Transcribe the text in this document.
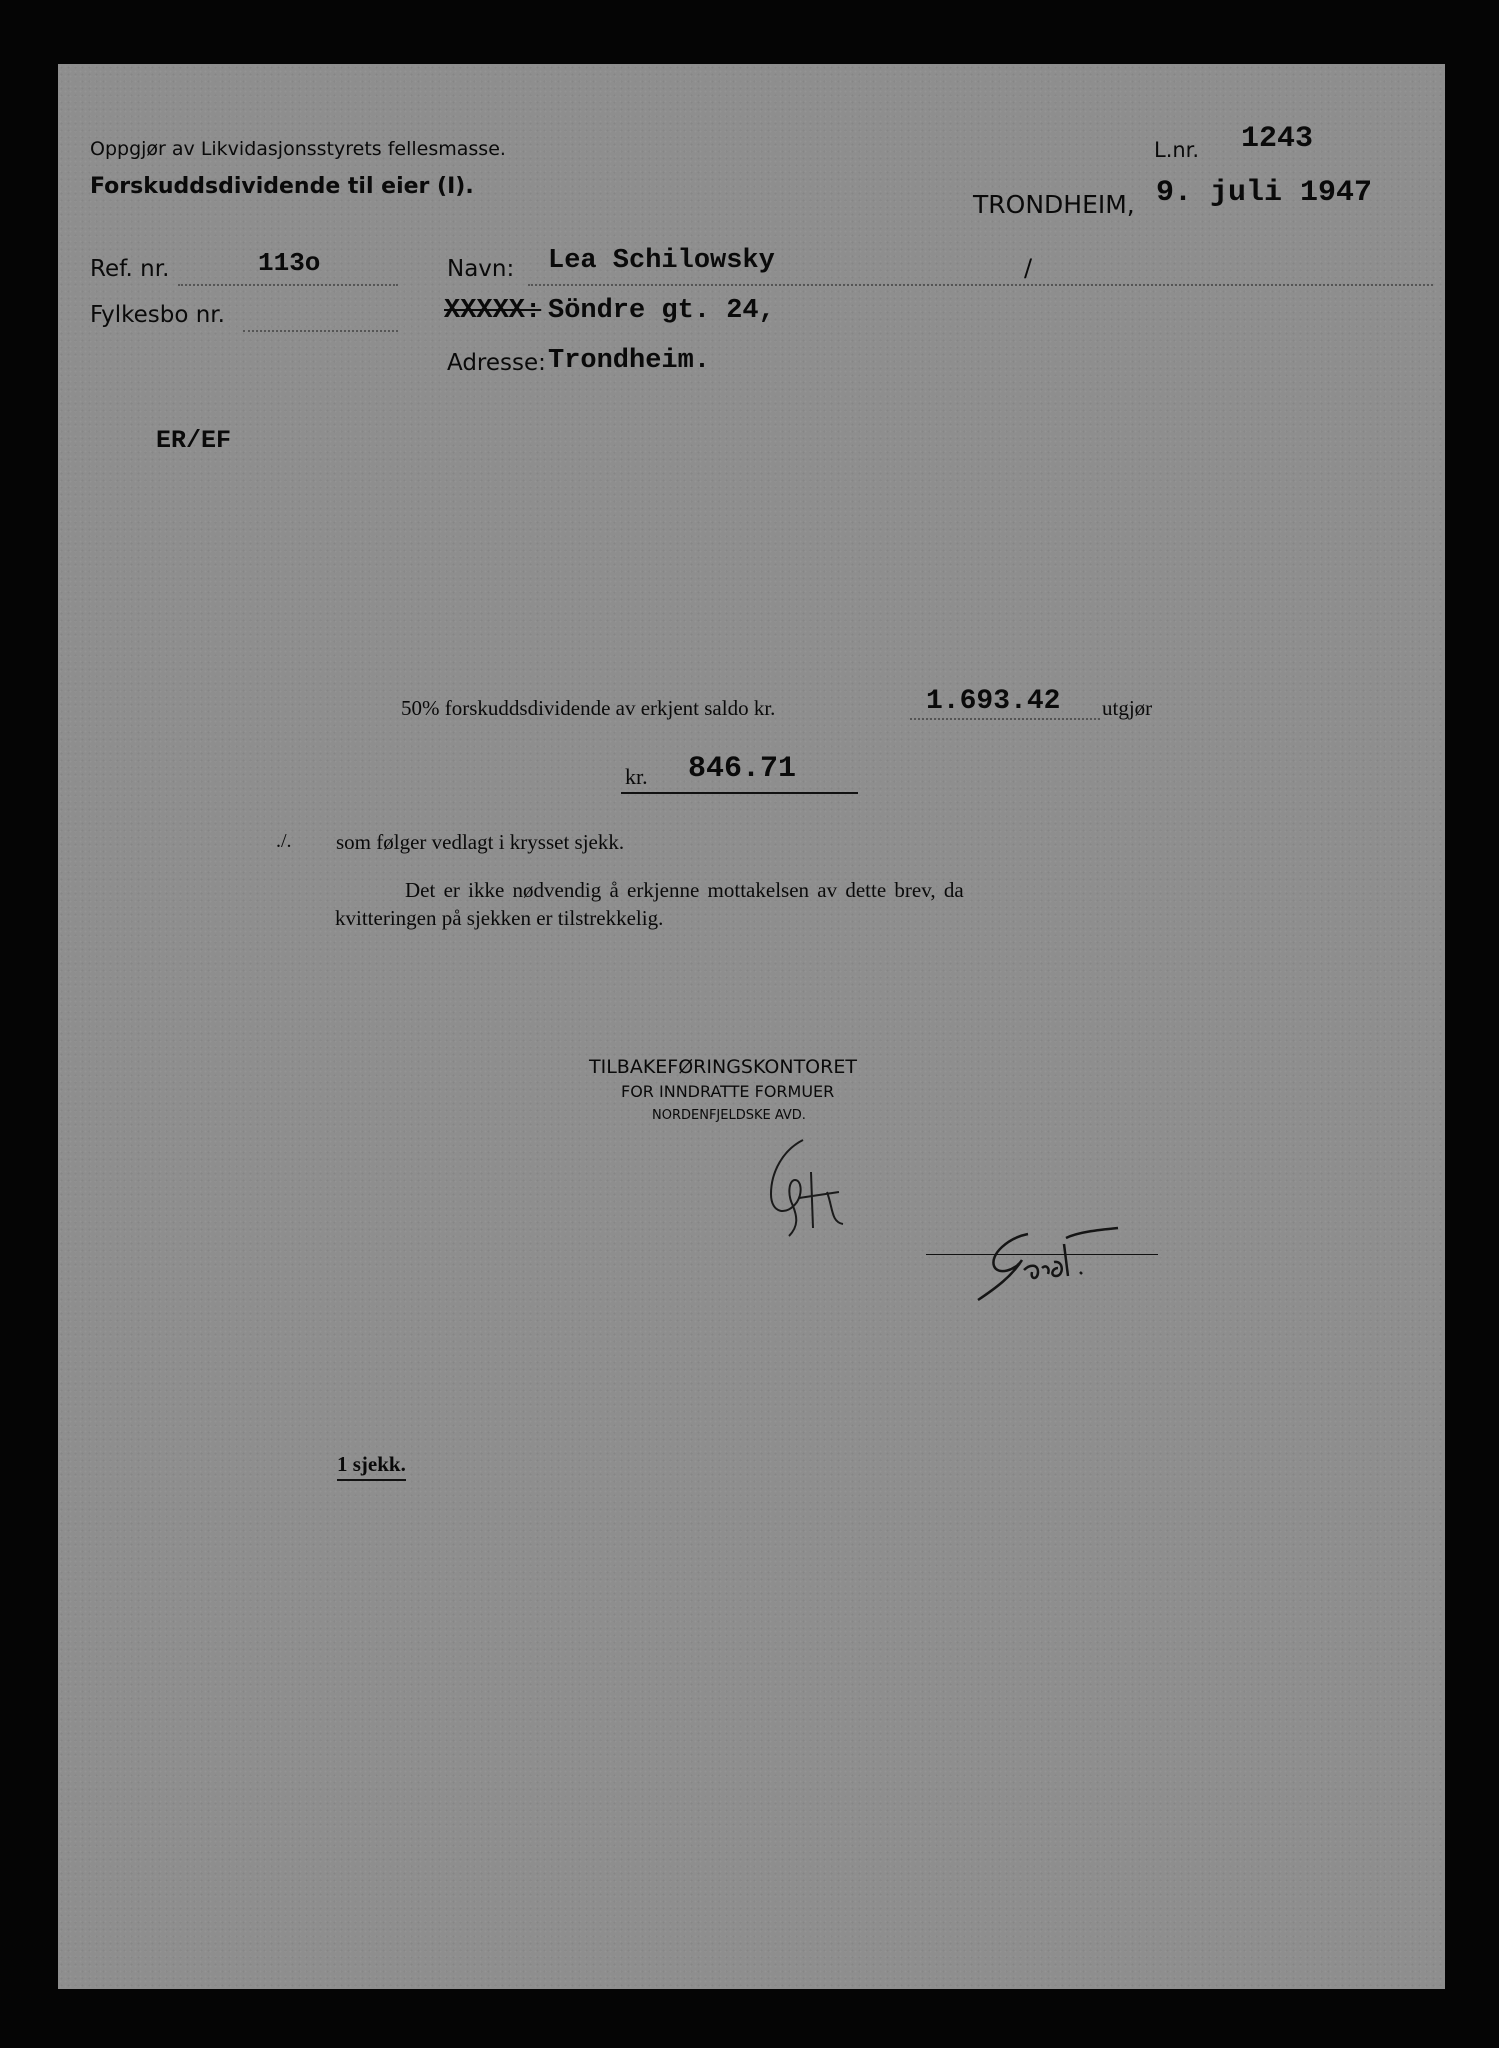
Oppgjør av Likvidasjonsstyrets fellesmasse.
Forskuddsdividende til eier (I).
L.nr. 1243
TRONDHEIM, 9. juli 1947
Ref. nr.	113o
Fylkesbo nr.
Navn: Lea Schilowsky	/
XXXXX: Söndre gt. 24,
Adresse: Trondheim.
ER/EF
50% forskuddsdividende av erkjent saldo kr.	1.693.42 utgjør
kr. 846.71
./. som følger vedlagt i krysset sjekk.
Det er ikke nødvendig å erkjenne mottakelsen av dette brev, da
kvitteringen på sjekken er tilstrekkelig.
TILBAKEFØRINGSKONTORET
FOR INNDRATTE FORMUER
NORDENFJELDSKE AVD.
1 sjekk.
